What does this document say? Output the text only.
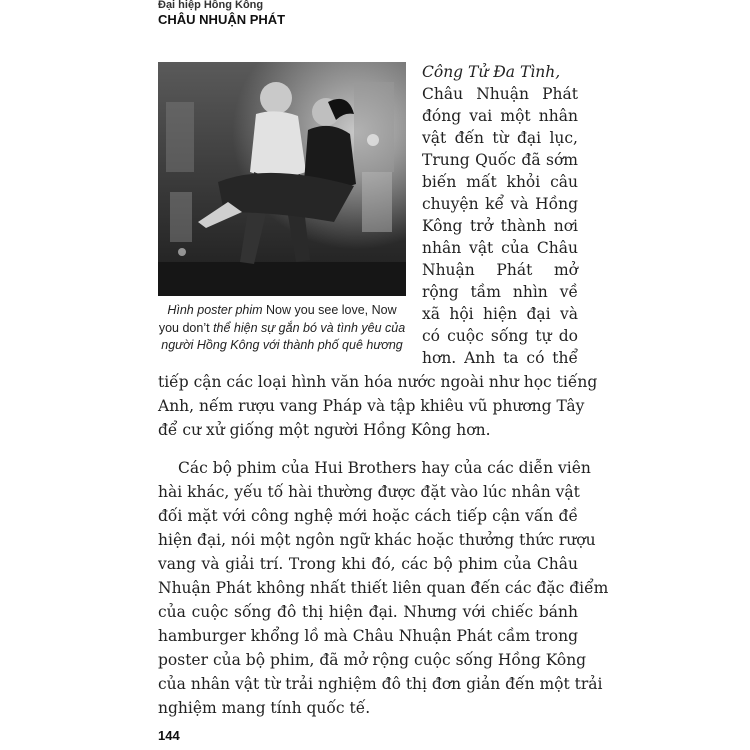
Đại hiệp Hồng Kông
CHÂU NHUẬN PHÁT
Hình poster phim Now you see love, Now you don’t thể hiện sự gắn bó và tình yêu của người Hồng Kông với thành phố quê hương
Công Tử Đa Tình,
Châu Nhuận Phát
đóng vai một nhân
vật đến từ đại lục,
Trung Quốc đã sớm
biến mất khỏi câu
chuyện kể và Hồng
Kông trở thành nơi
nhân vật của Châu
Nhuận Phát mở
rộng tầm nhìn về
xã hội hiện đại và
có cuộc sống tự do
hơn. Anh ta có thể
tiếp cận các loại hình văn hóa nước ngoài như học tiếng
Anh, nếm rượu vang Pháp và tập khiêu vũ phương Tây
để cư xử giống một người Hồng Kông hơn.
Các bộ phim của Hui Brothers hay của các diễn viên
hài khác, yếu tố hài thường được đặt vào lúc nhân vật
đối mặt với công nghệ mới hoặc cách tiếp cận vấn đề
hiện đại, nói một ngôn ngữ khác hoặc thưởng thức rượu
vang và giải trí. Trong khi đó, các bộ phim của Châu
Nhuận Phát không nhất thiết liên quan đến các đặc điểm
của cuộc sống đô thị hiện đại. Nhưng với chiếc bánh
hamburger khổng lồ mà Châu Nhuận Phát cầm trong
poster của bộ phim, đã mở rộng cuộc sống Hồng Kông
của nhân vật từ trải nghiệm đô thị đơn giản đến một trải
nghiệm mang tính quốc tế.
144
